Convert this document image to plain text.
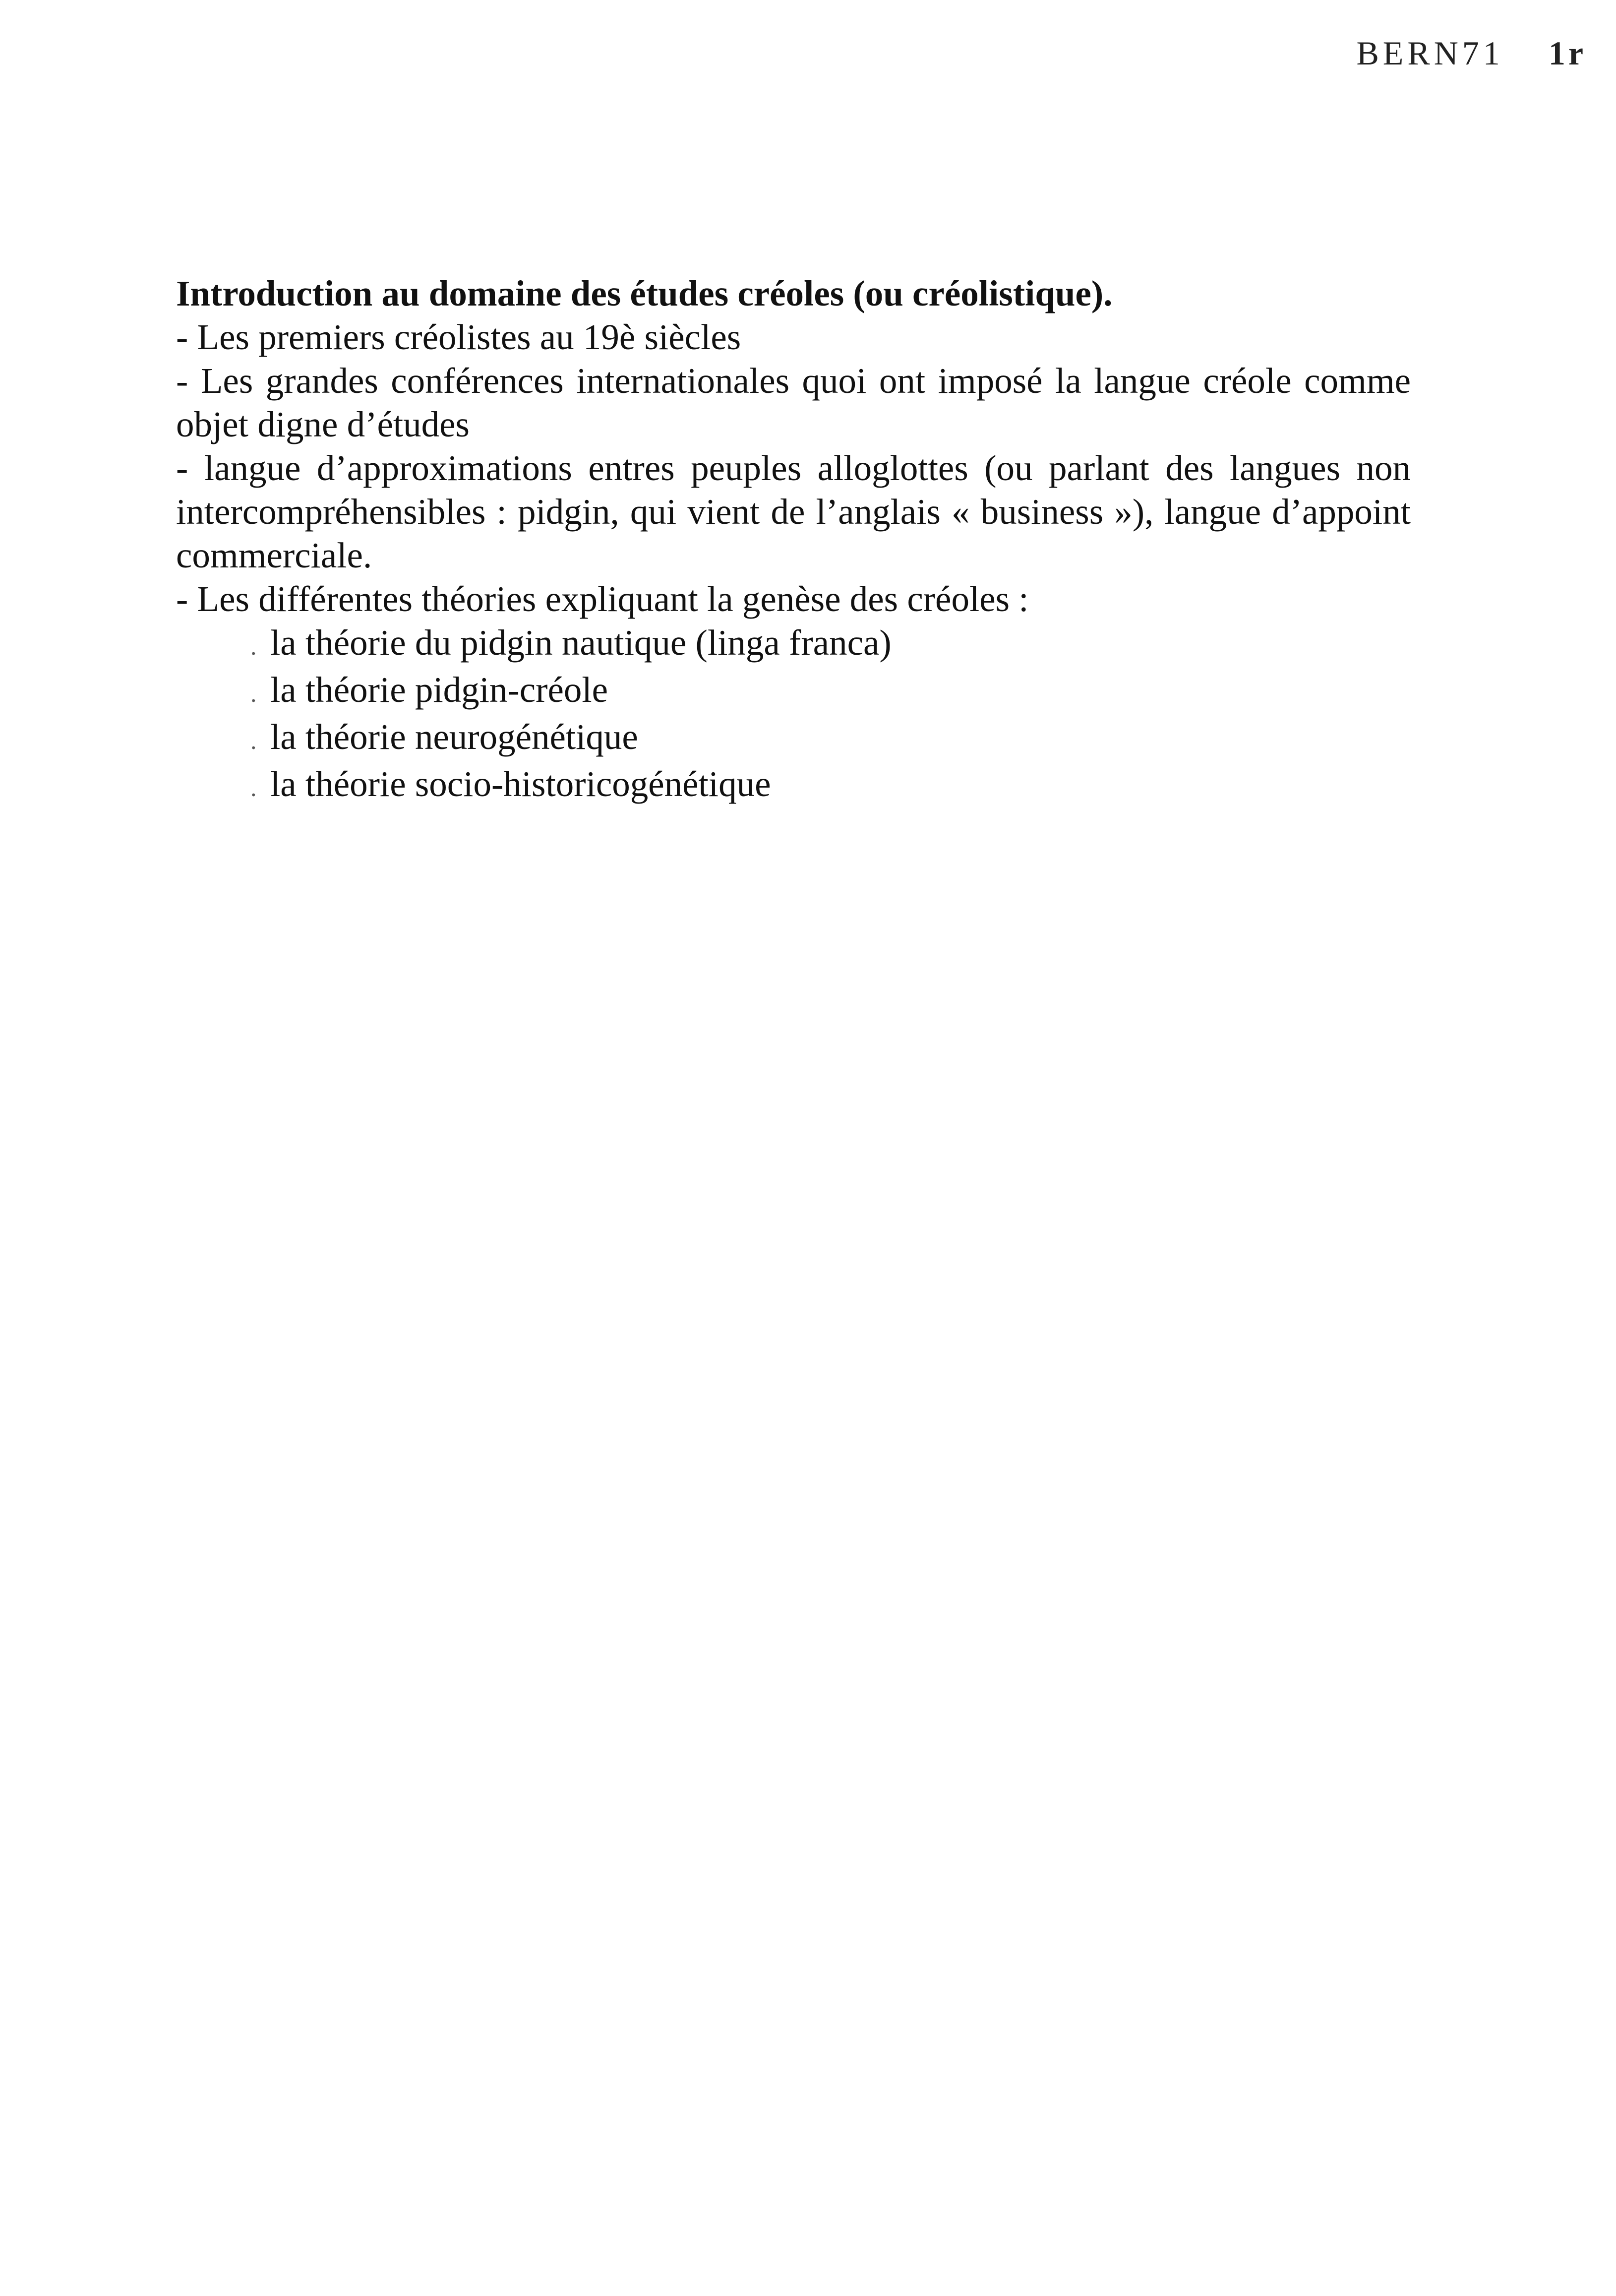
BERN71 1r

Introduction au domaine des études créoles (ou créolistique).

- Les premiers créolistes au 19è siècles

- Les grandes conférences internationales quoi ont imposé la langue créole comme objet digne d’études

- langue d’approximations entres peuples alloglottes (ou parlant des langues non intercompréhensibles : pidgin, qui vient de l’anglais « business »), langue d’appoint commerciale.

- Les différentes théories expliquant la genèse des créoles :

. la théorie du pidgin nautique (linga franca)
. la théorie pidgin-créole
. la théorie neurogénétique
. la théorie socio-historicogénétique
